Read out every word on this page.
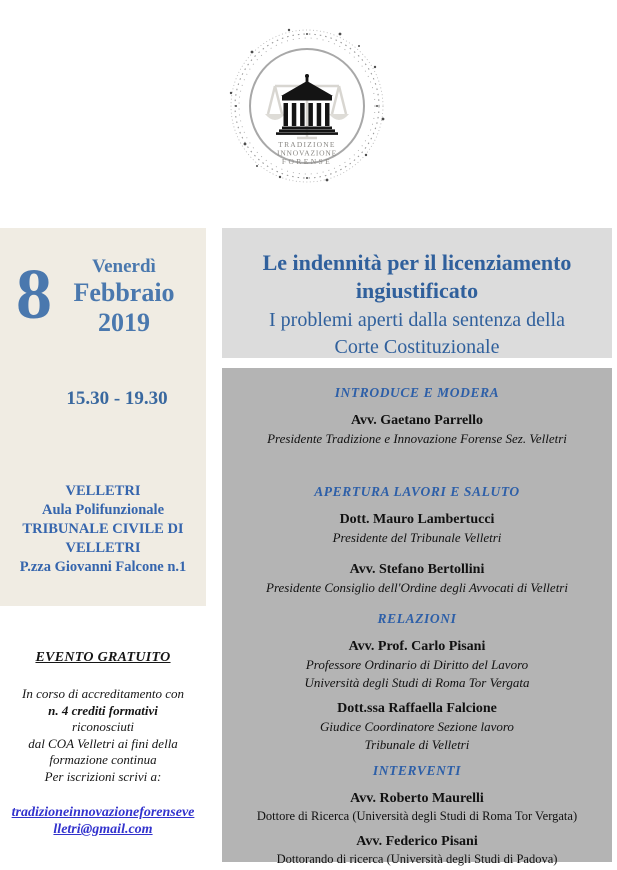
TRADIZIONE
INNOVAZIONE
FORENSE
8	Venerdì
Febbraio
2019
15.30 - 19.30
VELLETRI
Aula Polifunzionale
TRIBUNALE CIVILE DI
VELLETRI
P.zza Giovanni Falcone n.1
EVENTO GRATUITO
In corso di accreditamento con
n. 4 crediti formativi
riconosciuti
dal COA Velletri ai fini della
formazione continua
Per iscrizioni scrivi a:
tradizioneinnovazioneforenseve
lletri@gmail.com
Le indennità per il licenziamento
ingiustificato
I problemi aperti dalla sentenza della
Corte Costituzionale
INTRODUCE E MODERA
Avv. Gaetano Parrello
Presidente Tradizione e Innovazione Forense Sez. Velletri
APERTURA LAVORI E SALUTO
Dott. Mauro Lambertucci
Presidente del Tribunale Velletri
Avv. Stefano Bertollini
Presidente Consiglio dell'Ordine degli Avvocati di Velletri
RELAZIONI
Avv. Prof. Carlo Pisani
Professore Ordinario di Diritto del Lavoro
Università degli Studi di Roma Tor Vergata
Dott.ssa Raffaella Falcione
Giudice Coordinatore Sezione lavoro
Tribunale di Velletri
INTERVENTI
Avv. Roberto Maurelli
Dottore di Ricerca (Università degli Studi di Roma Tor Vergata)
Avv. Federico Pisani
Dottorando di ricerca (Università degli Studi di Padova)
